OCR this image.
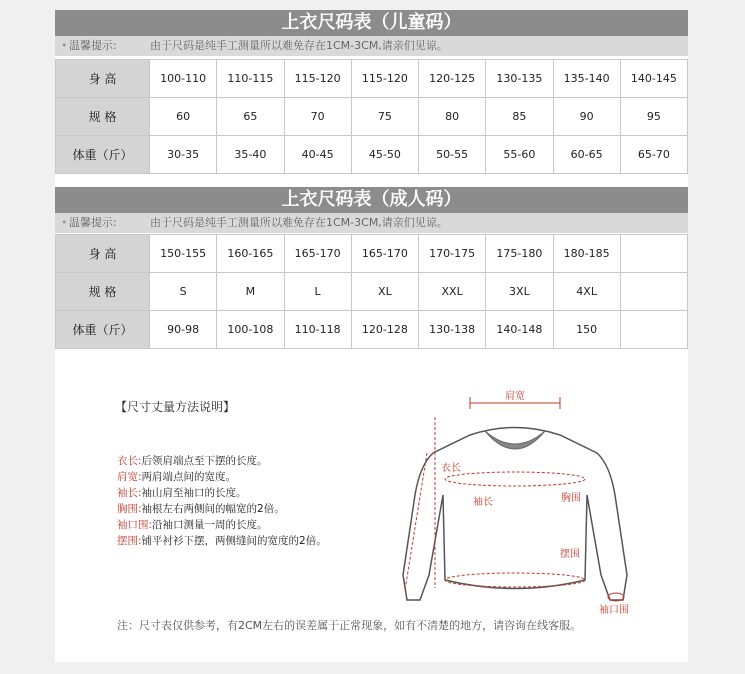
上衣尺码表（儿童码）
• 温馨提示:	由于尺码是纯手工测量所以难免存在1CM-3CM,请亲们见谅。
身 高	100-110	110-115	115-120	115-120	120-125	130-135	135-140	140-145
规 格	60	65	70	75	80	85	90	95
体重（斤）	30-35	35-40	40-45	45-50	50-55	55-60	60-65	65-70
上衣尺码表（成人码）
• 温馨提示:	由于尺码是纯手工测量所以难免存在1CM-3CM,请亲们见谅。
身 高	150-155	160-165	165-170	165-170	170-175	175-180	180-185	
规 格	S	M	L	XL	XXL	3XL	4XL	
体重（斤）	90-98	100-108	110-118	120-128	130-138	140-148	150	
【尺寸丈量方法说明】
衣长:后领肩端点至下摆的长度。
肩宽:两肩端点间的宽度。
袖长:袖山肩至袖口的长度。
胸围:袖根左右两侧间的幅宽的2倍。
袖口围:沿袖口测量一周的长度。
摆围:铺平衬衫下摆，两侧缝间的宽度的2倍。
肩宽
衣长
袖长	胸围
摆围
袖口围
注：尺寸表仅供参考，有2CM左右的误差属于正常现象，如有不清楚的地方，请咨询在线客服。
